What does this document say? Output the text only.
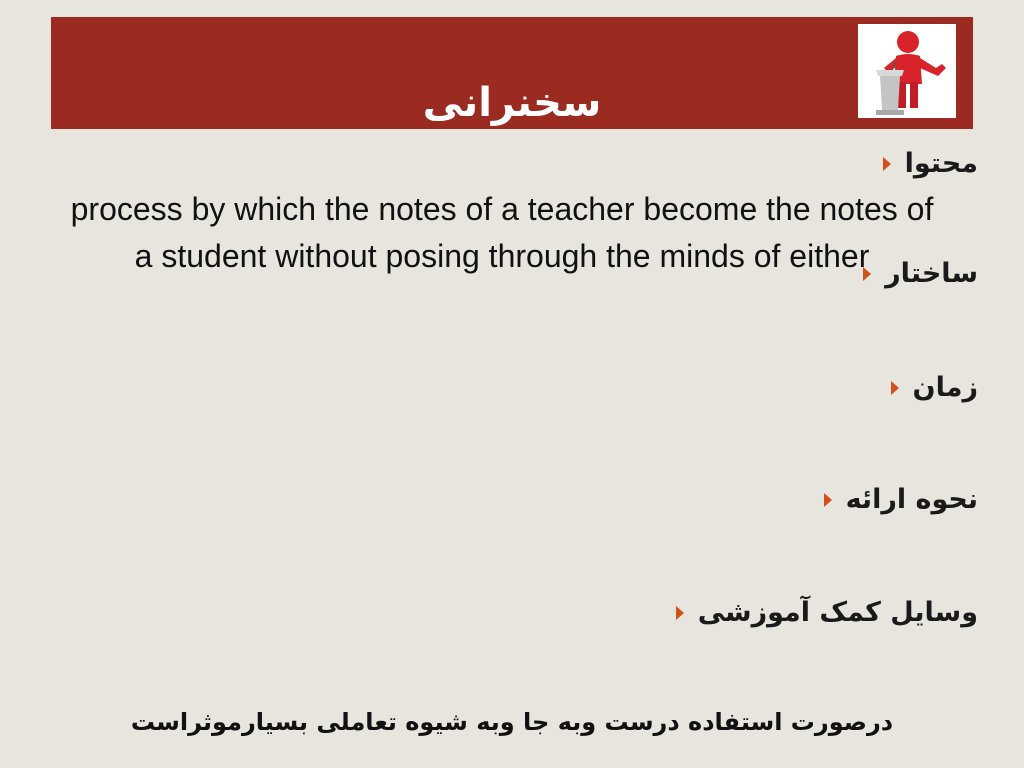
سخنرانی
محتوا
ساختار
زمان
نحوه ارائه
وسایل کمک آموزشی
process by which the notes of a teacher become the notes of a student without posing through the minds of either
درصورت استفاده درست وبه جا وبه شیوه تعاملی بسیارموثراست
